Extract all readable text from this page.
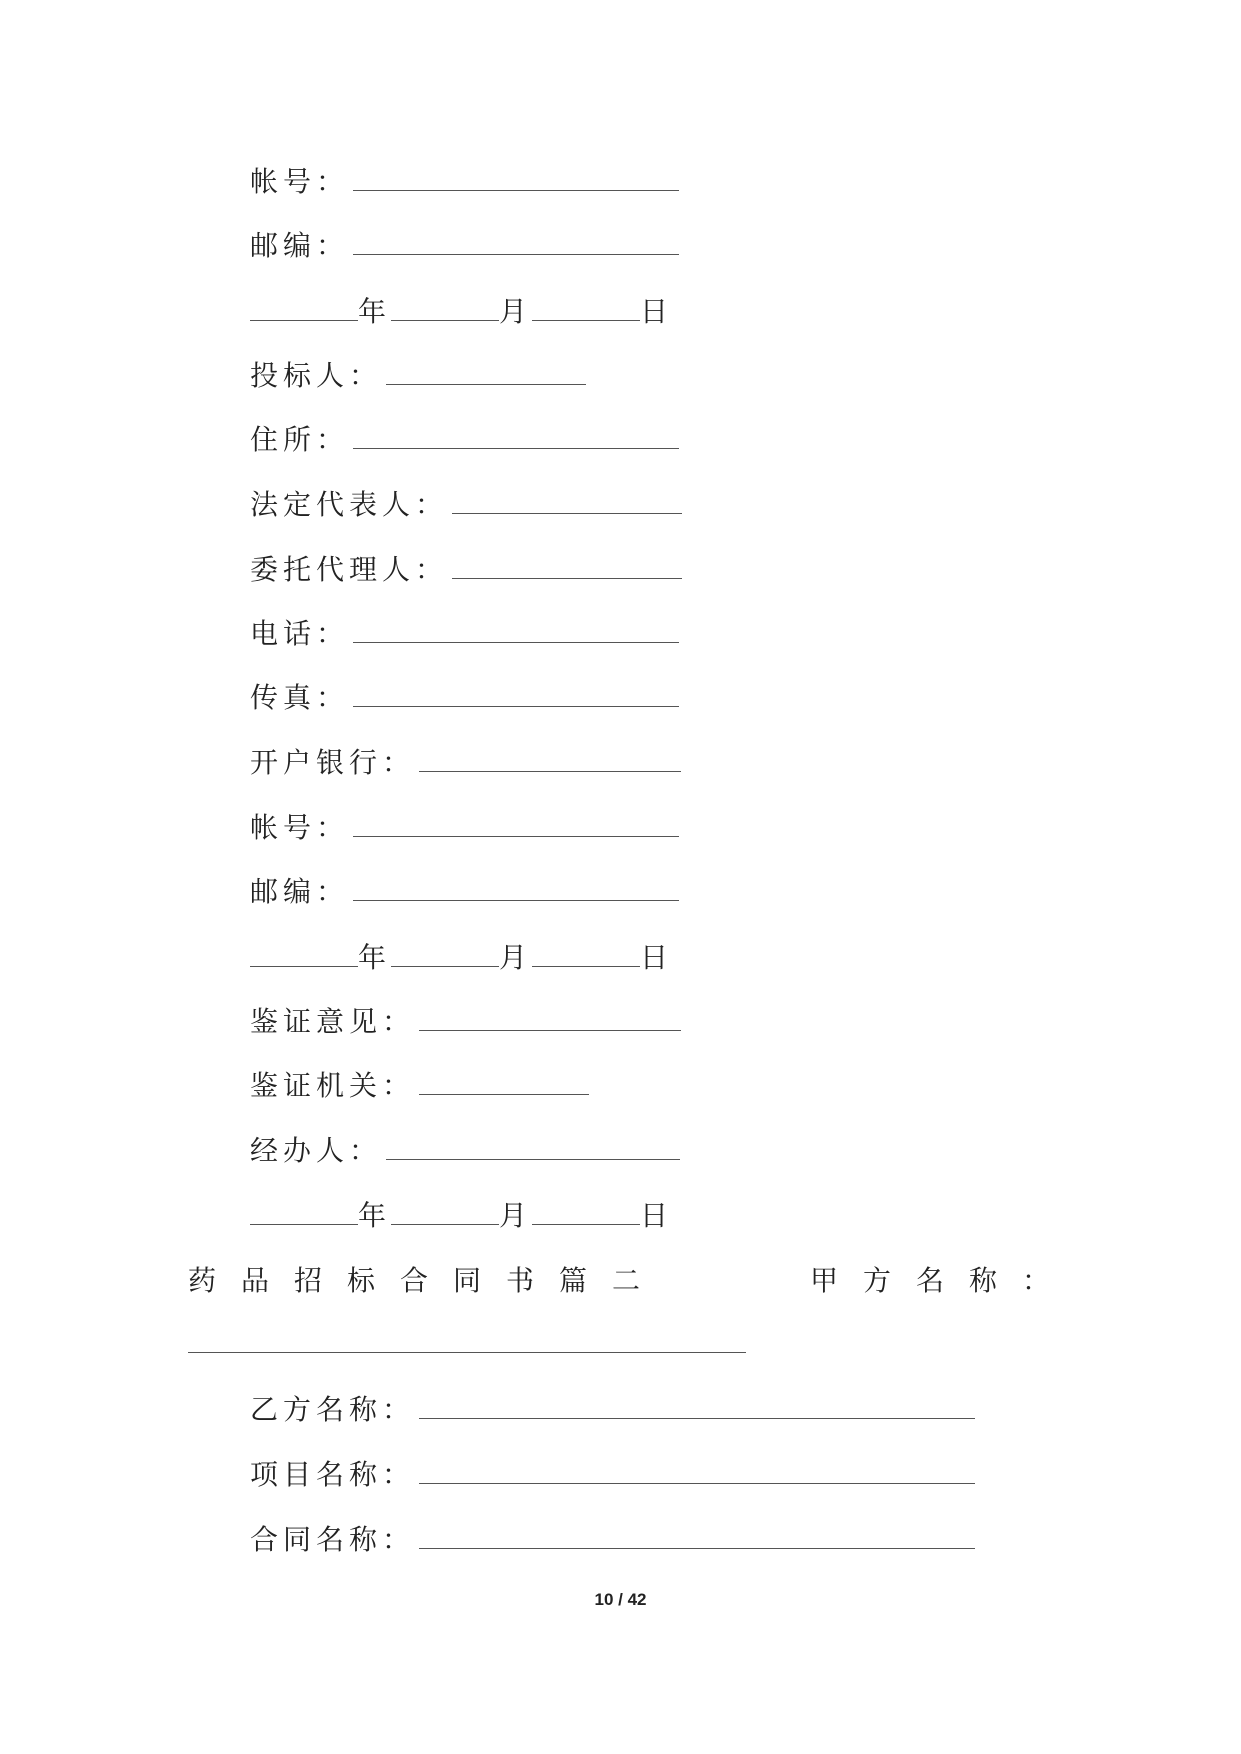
帐号：
邮编：
年	月	日
投标人：
住所：
法定代表人：
委托代理人：
电话：
传真：
开户银行：
帐号：
邮编：
年	月	日
鉴证意见：
鉴证机关：
经办人：
年	月	日
药品招标合同书篇二	甲方名称：
乙方名称：
项目名称：
合同名称：
10 / 42
